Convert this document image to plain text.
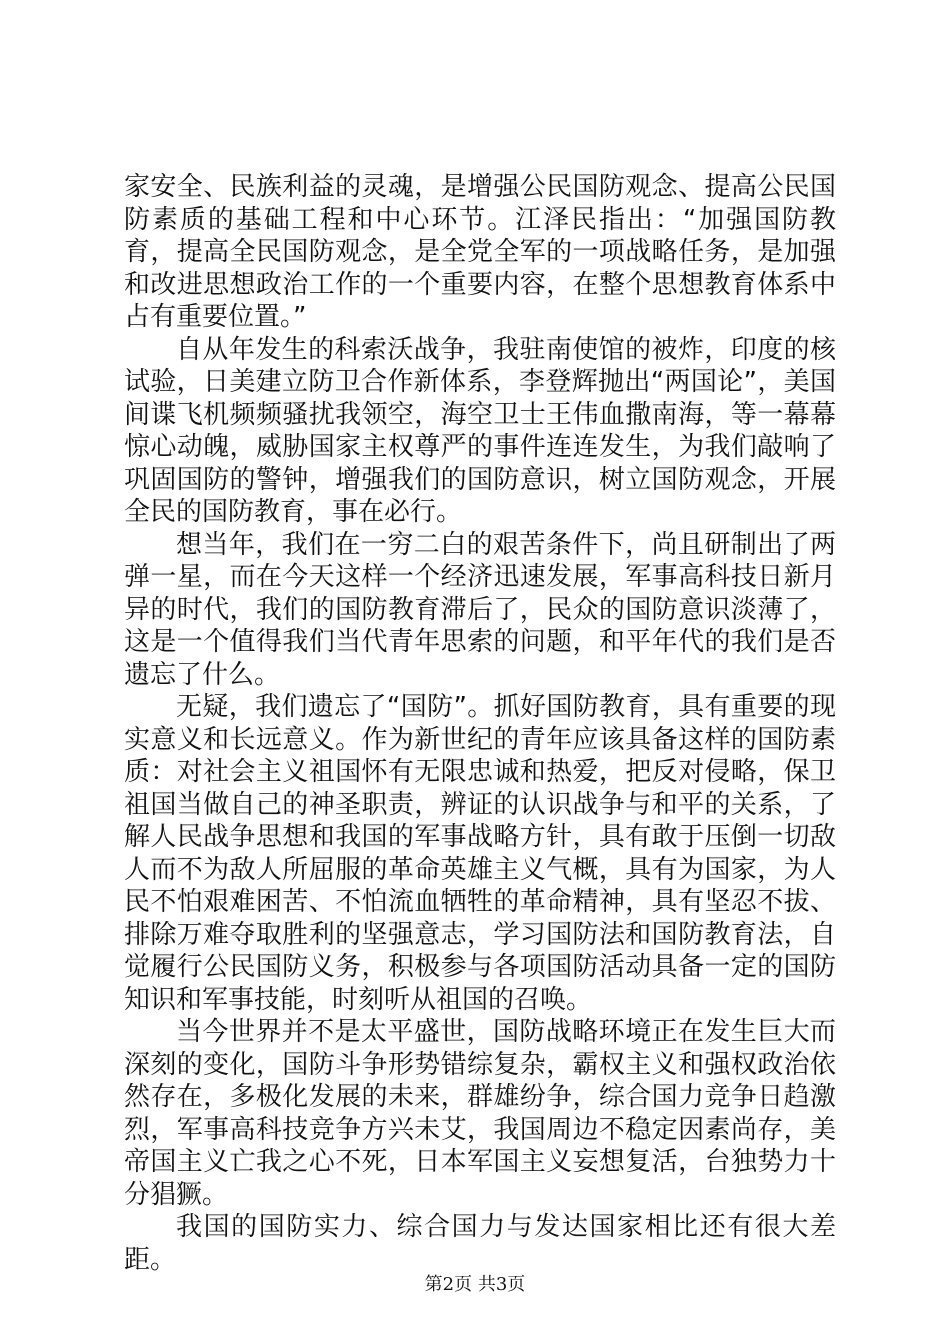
家安全、民族利益的灵魂，是增强公民国防观念、提高公民国防素质的基础工程和中心环节。江泽民指出：“加强国防教育，提高全民国防观念，是全党全军的一项战略任务，是加强和改进思想政治工作的一个重要内容，在整个思想教育体系中占有重要位置。”

自从年发生的科索沃战争，我驻南使馆的被炸，印度的核试验，日美建立防卫合作新体系，李登辉抛出“两国论”，美国间谍飞机频频骚扰我领空，海空卫士王伟血撒南海，等一幕幕惊心动魄，威胁国家主权尊严的事件连连发生，为我们敲响了巩固国防的警钟，增强我们的国防意识，树立国防观念，开展全民的国防教育，事在必行。

想当年，我们在一穷二白的艰苦条件下，尚且研制出了两弹一星，而在今天这样一个经济迅速发展，军事高科技日新月异的时代，我们的国防教育滞后了，民众的国防意识淡薄了，这是一个值得我们当代青年思索的问题，和平年代的我们是否遗忘了什么。

无疑，我们遗忘了“国防”。抓好国防教育，具有重要的现实意义和长远意义。作为新世纪的青年应该具备这样的国防素质：对社会主义祖国怀有无限忠诚和热爱，把反对侵略，保卫祖国当做自己的神圣职责，辨证的认识战争与和平的关系，了解人民战争思想和我国的军事战略方针，具有敢于压倒一切敌人而不为敌人所屈服的革命英雄主义气概，具有为国家，为人民不怕艰难困苦、不怕流血牺牲的革命精神，具有坚忍不拔、排除万难夺取胜利的坚强意志，学习国防法和国防教育法，自觉履行公民国防义务，积极参与各项国防活动具备一定的国防知识和军事技能，时刻听从祖国的召唤。

当今世界并不是太平盛世，国防战略环境正在发生巨大而深刻的变化，国防斗争形势错综复杂，霸权主义和强权政治依然存在，多极化发展的未来，群雄纷争，综合国力竞争日趋激烈，军事高科技竞争方兴未艾，我国周边不稳定因素尚存，美帝国主义亡我之心不死，日本军国主义妄想复活，台独势力十分猖獗。

我国的国防实力、综合国力与发达国家相比还有很大差距。

第2页 共3页
